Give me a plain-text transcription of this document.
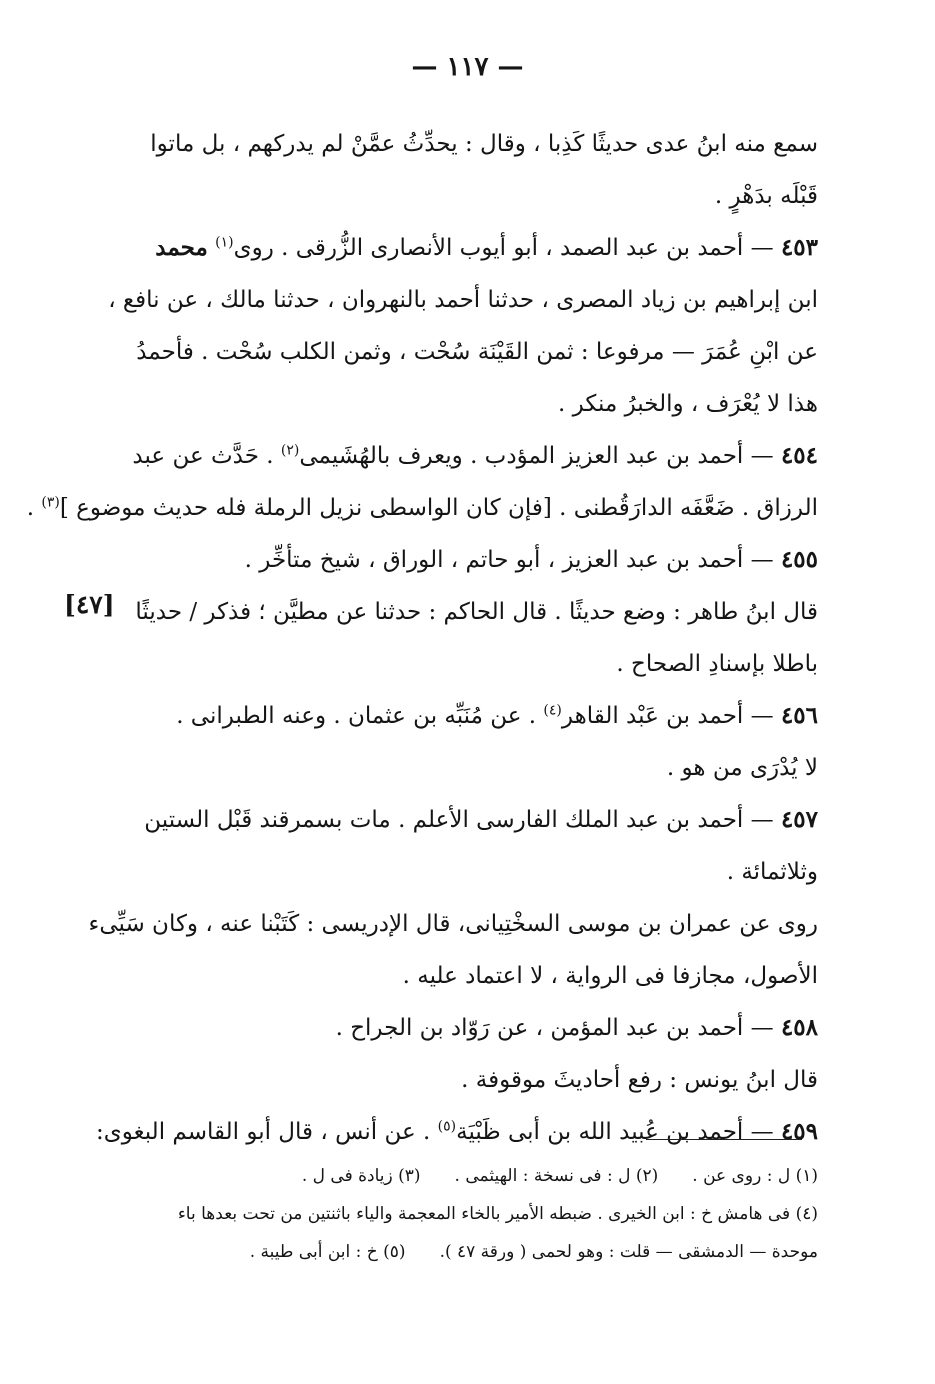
— ١١٧ —
[٤٧]
سمع منه ابنُ عدى حديثًا كَذِبا ، وقال : يحدِّثُ عمَّنْ لم يدركهم ، بل ماتوا
قَبْلَه بدَهْرٍ .
٤٥٣ — أحمد بن عبد الصمد ، أبو أيوب الأنصارى الزُّرقى . روى$^{(١)}$ محمد
ابن إبراهيم بن زياد المصرى ، حدثنا أحمد بالنهروان ، حدثنا مالك ، عن نافع ،
عن ابْنِ عُمَرَ — مرفوعا : ثمن القَيْنَة سُحْت ، وثمن الكلب سُحْت . فأحمدُ
هذا لا يُعْرَف ، والخبرُ منكر .
٤٥٤ — أحمد بن عبد العزيز المؤدب . ويعرف بالهُشَيمى$^{(٢)}$ . حَدَّث عن عبد
الرزاق . ضَعَّفَه الدارَقُطنى . [فإن كان الواسطى نزيل الرملة فله حديث موضوع ]$^{(٣)}$ .
٤٥٥ — أحمد بن عبد العزيز ، أبو حاتم ، الوراق ، شيخ متأخِّر .
قال ابنُ طاهر : وضع حديثًا . قال الحاكم : حدثنا عن مطيَّن ؛ فذكر / حديثًا
باطلا بإسنادِ الصحاح .
٤٥٦ — أحمد بن عَبْد القاهر$^{(٤)}$ . عن مُنَبِّه بن عثمان . وعنه الطبرانى .
لا يُدْرَى من هو .
٤٥٧ — أحمد بن عبد الملك الفارسى الأعلم . مات بسمرقند قَبْل الستين
وثلاثمائة .
روى عن عمران بن موسى السخْتِيانى، قال الإدريسى : كَتَبْنا عنه ، وكان سَيِّىء
الأصول، مجازفا فى الرواية ، لا اعتماد عليه .
٤٥٨ — أحمد بن عبد المؤمن ، عن رَوّاد بن الجراح .
قال ابنُ يونس : رفع أحاديثَ موقوفة .
٤٥٩ — أحمد بن عُبيد الله بن أبى ظَبْيَة$^{(٥)}$ . عن أنس ، قال أبو القاسم البغوى:
(١) ل : روى عن .(٢) ل : فى نسخة : الهيثمى .(٣) زيادة فى ل .
(٤) فى هامش خ : ابن الخيرى . ضبطه الأمير بالخاء المعجمة والياء باثنتين من تحت بعدها باء
موحدة — الدمشقى — قلت : وهو لحمى ( ورقة ٤٧ ).(٥) خ : ابن أبى طيبة .
